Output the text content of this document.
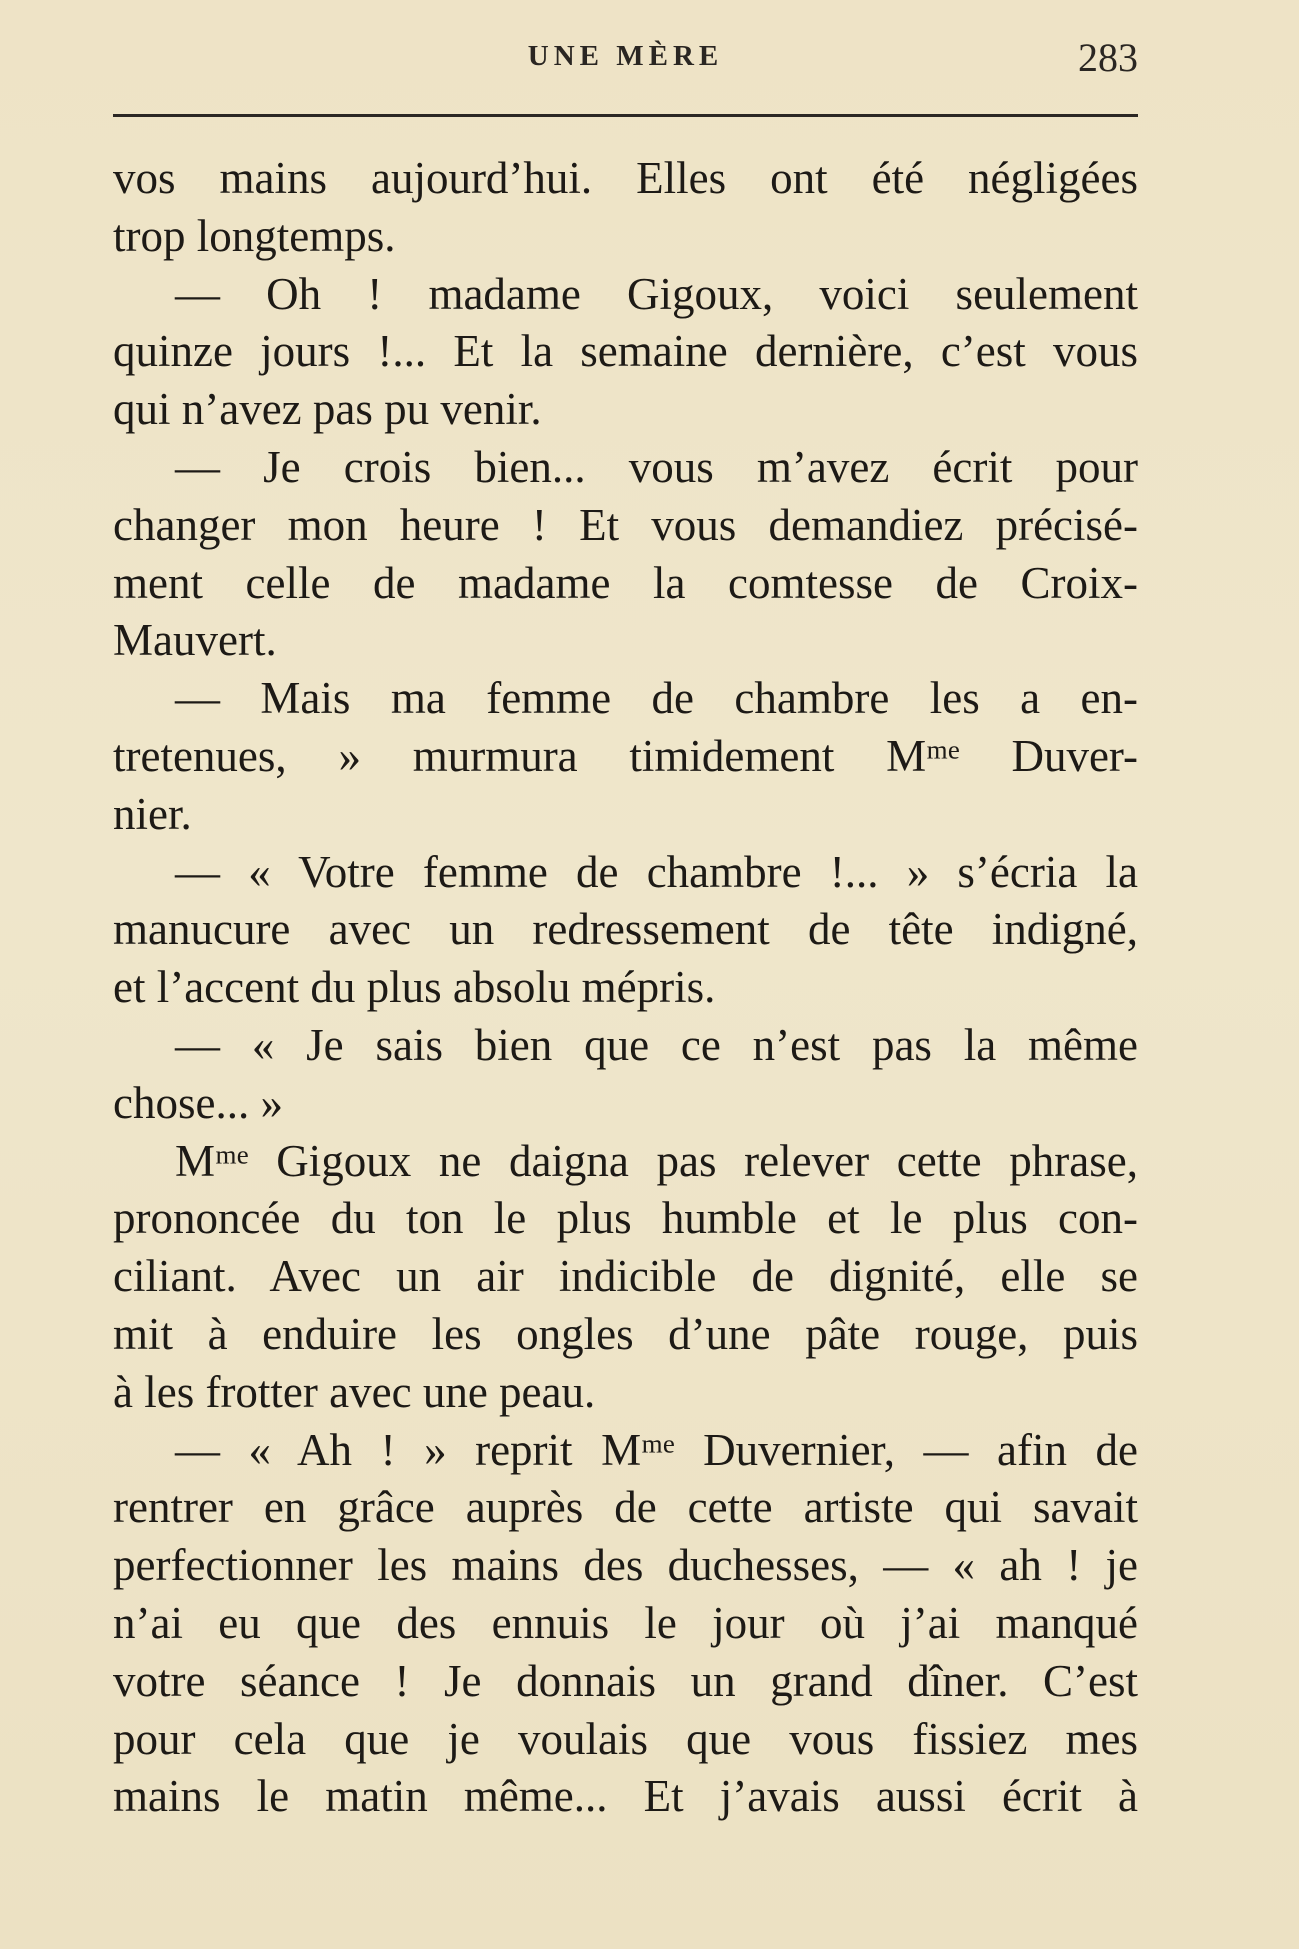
UNE MÈRE	283
vos mains aujourd’hui. Elles ont été négligées
trop longtemps.
— Oh ! madame Gigoux, voici seulement
quinze jours !... Et la semaine dernière, c’est vous
qui n’avez pas pu venir.
— Je crois bien... vous m’avez écrit pour
changer mon heure ! Et vous demandiez précisé-
ment celle de madame la comtesse de Croix-
Mauvert.
— Mais ma femme de chambre les a en-
tretenues, » murmura timidement Mᵐᵉ Duver-
nier.
— « Votre femme de chambre !... » s’écria la
manucure avec un redressement de tête indigné,
et l’accent du plus absolu mépris.
— « Je sais bien que ce n’est pas la même
chose... »
Mᵐᵉ Gigoux ne daigna pas relever cette phrase,
prononcée du ton le plus humble et le plus con-
ciliant. Avec un air indicible de dignité, elle se
mit à enduire les ongles d’une pâte rouge, puis
à les frotter avec une peau.
— « Ah ! » reprit Mᵐᵉ Duvernier, — afin de
rentrer en grâce auprès de cette artiste qui savait
perfectionner les mains des duchesses, — « ah ! je
n’ai eu que des ennuis le jour où j’ai manqué
votre séance ! Je donnais un grand dîner. C’est
pour cela que je voulais que vous fissiez mes
mains le matin même... Et j’avais aussi écrit à
